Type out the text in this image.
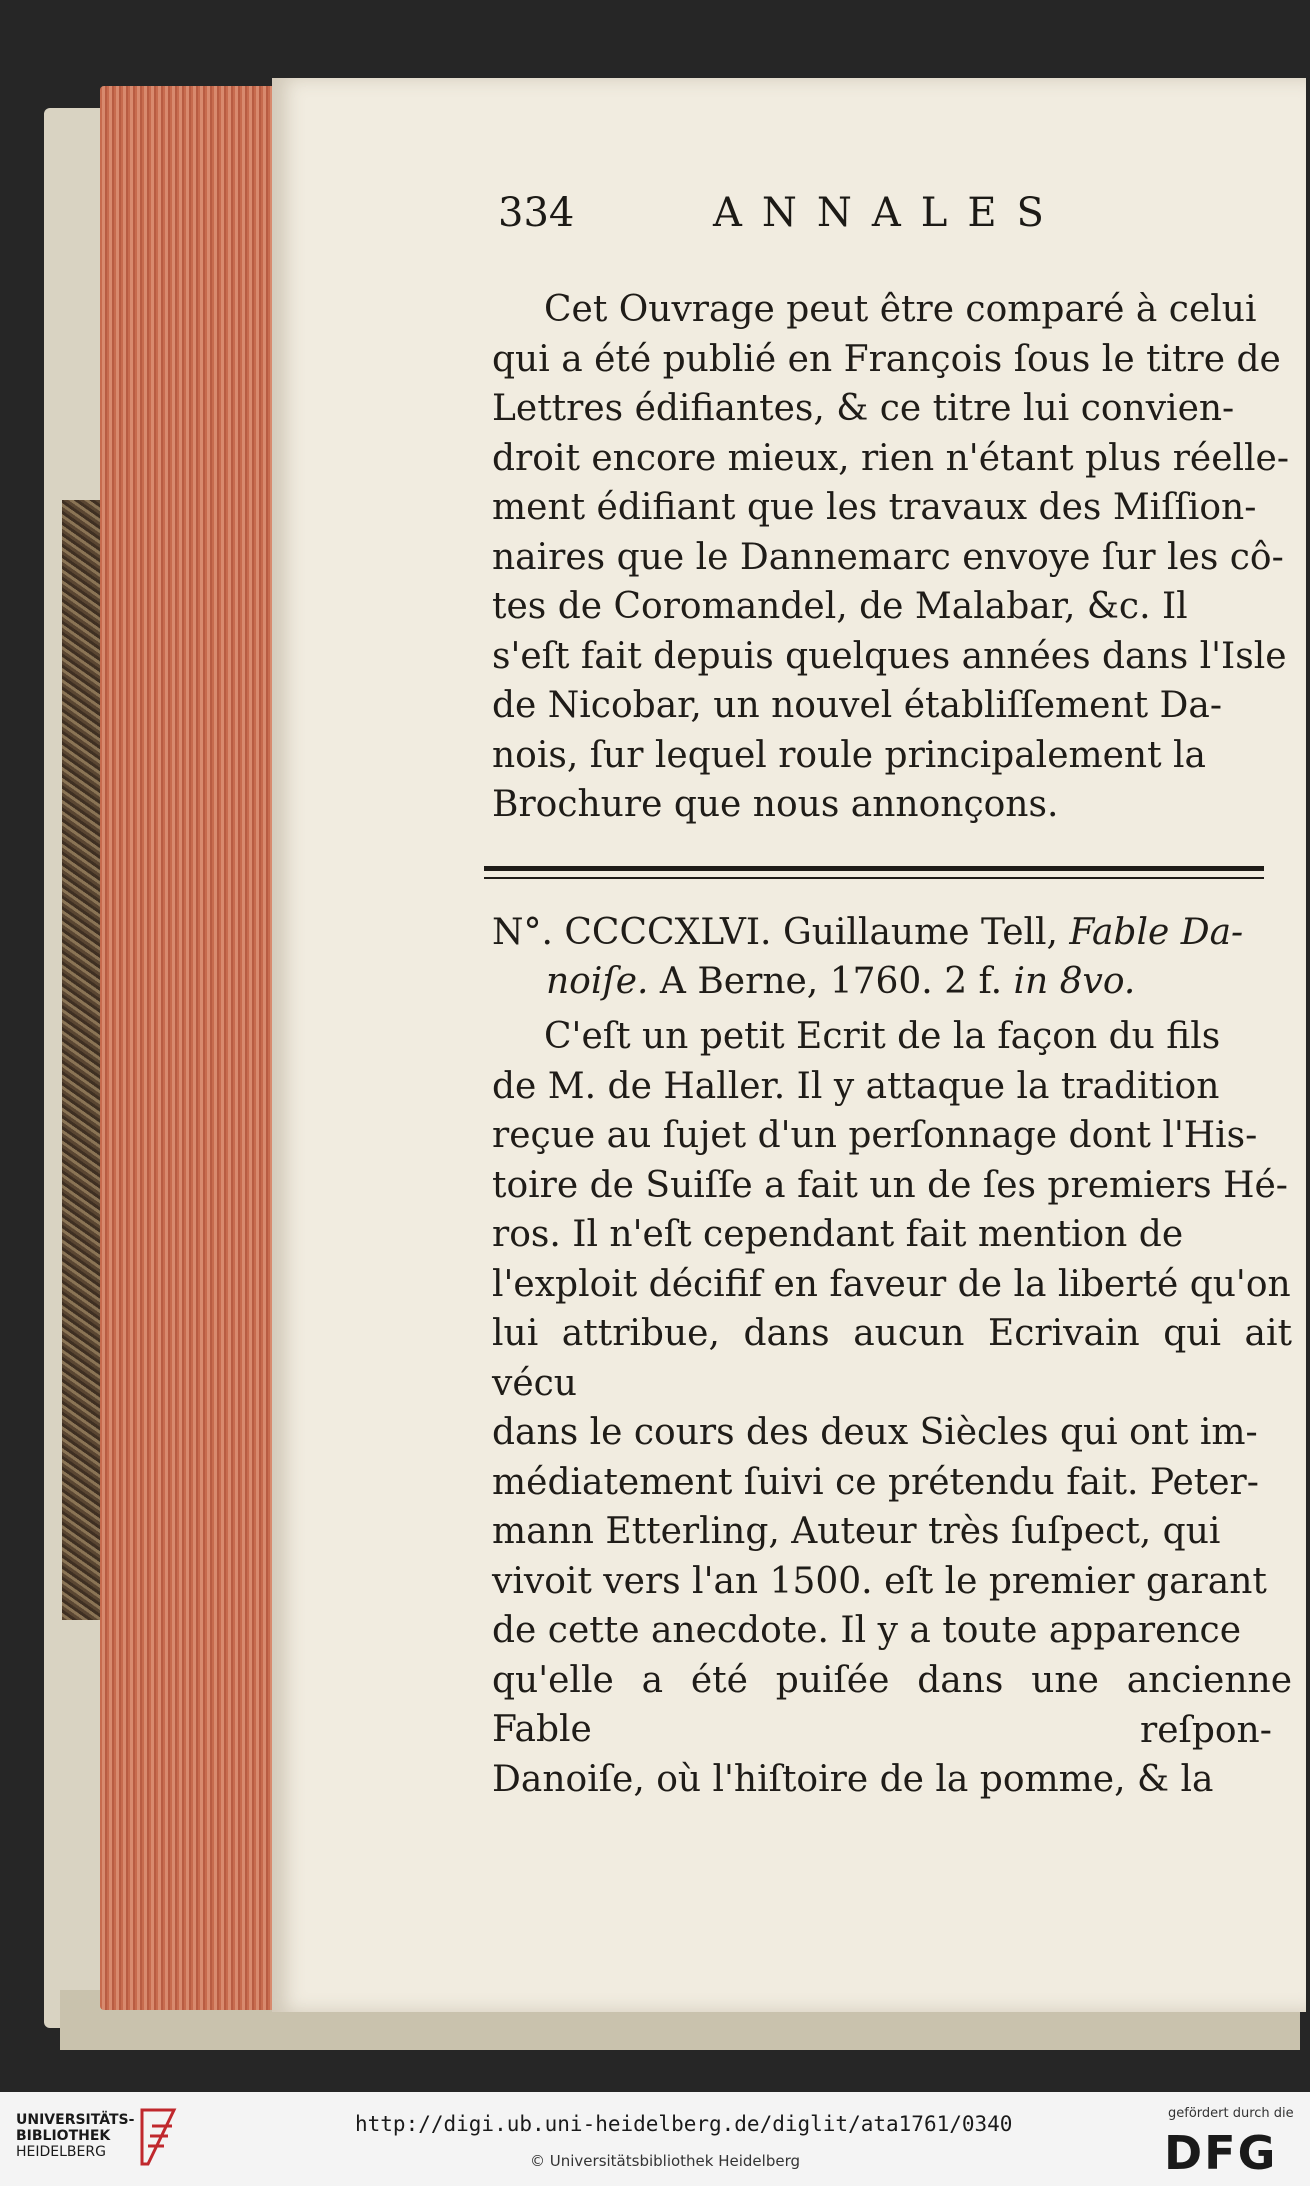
334	ANNALES

Cet Ouvrage peut être comparé à celui
qui a été publié en François ſous le titre de
Lettres édifiantes, & ce titre lui convien-
droit encore mieux, rien n'étant plus réelle-
ment édifiant que les travaux des Miſſion-
naires que le Dannemarc envoye ſur les cô-
tes de Coromandel, de Malabar, &c. Il
s'eſt fait depuis quelques années dans l'Isle
de Nicobar, un nouvel établiſſement Da-
nois, ſur lequel roule principalement la
Brochure que nous annonçons.

N°. CCCCXLVI. Guillaume Tell, Fable Da-
noiſe. A Berne, 1760. 2 f. in 8vo.

C'eſt un petit Ecrit de la façon du fils
de M. de Haller. Il y attaque la tradition
reçue au ſujet d'un perſonnage dont l'His-
toire de Suiſſe a fait un de ſes premiers Hé-
ros. Il n'eſt cependant fait mention de
l'exploit décifif en faveur de la liberté qu'on
lui attribue, dans aucun Ecrivain qui ait vécu
dans le cours des deux Siècles qui ont im-
médiatement ſuivi ce prétendu fait. Peter-
mann Etterling, Auteur très ſuſpect, qui
vivoit vers l'an 1500. eſt le premier garant
de cette anecdote. Il y a toute apparence
qu'elle a été puiſée dans une ancienne Fable
Danoiſe, où l'hiſtoire de la pomme, & la

reſpon-
UNIVERSITÄTS-
BIBLIOTHEK
HEIDELBERG
http://digi.ub.uni-heidelberg.de/diglit/ata1761/0340
© Universitätsbibliothek Heidelberg
gefördert durch die
DFG
